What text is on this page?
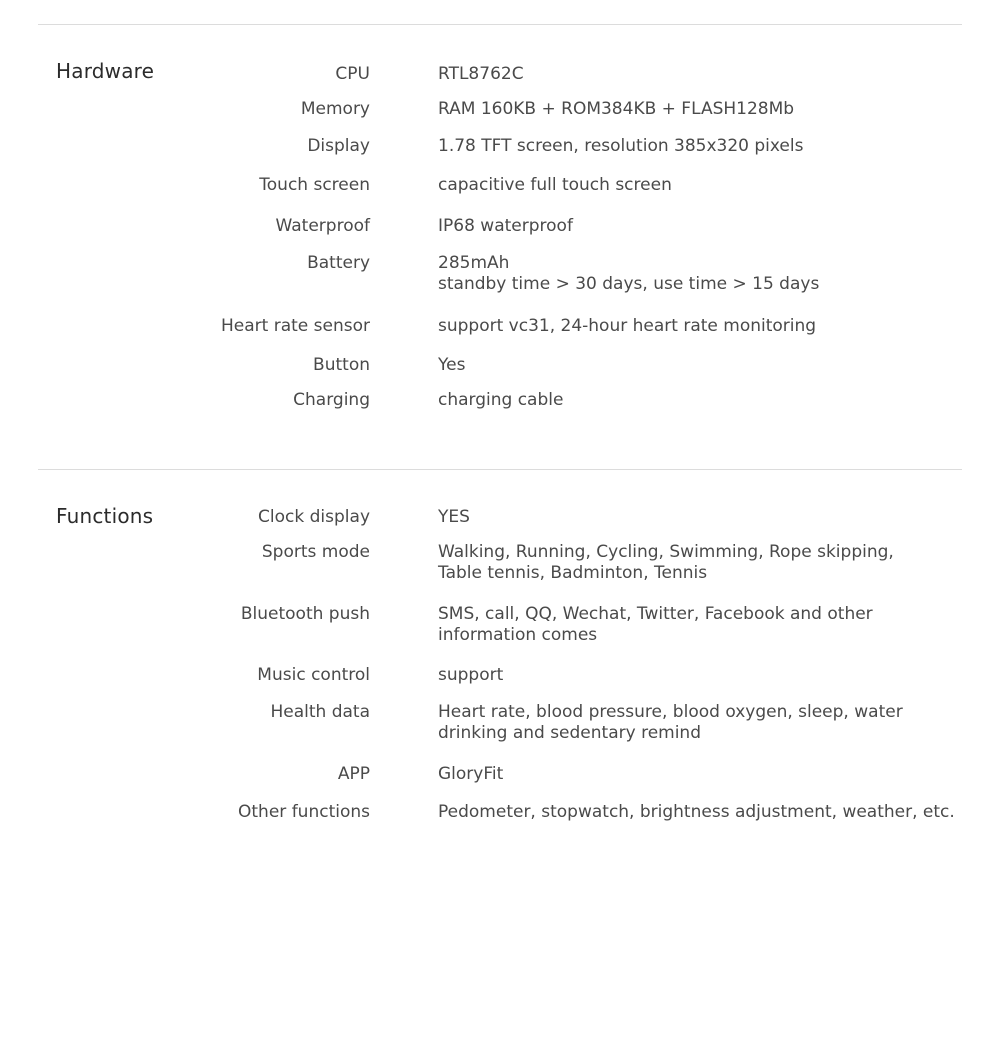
Hardware	CPU	RTL8762C
Memory	RAM 160KB + ROM384KB + FLASH128Mb
Display	1.78 TFT screen, resolution 385x320 pixels
Touch screen	capacitive full touch screen
Waterproof	IP68 waterproof
Battery	285mAh
standby time > 30 days, use time > 15 days
Heart rate sensor	support vc31, 24-hour heart rate monitoring
Button	Yes
Charging	charging cable
Functions	Clock display	YES
Sports mode	Walking, Running, Cycling, Swimming, Rope skipping,
Table tennis, Badminton, Tennis
Bluetooth push	SMS, call, QQ, Wechat, Twitter, Facebook and other
information comes
Music control	support
Health data	Heart rate, blood pressure, blood oxygen, sleep, water
drinking and sedentary remind
APP	GloryFit
Other functions	Pedometer, stopwatch, brightness adjustment, weather, etc.
